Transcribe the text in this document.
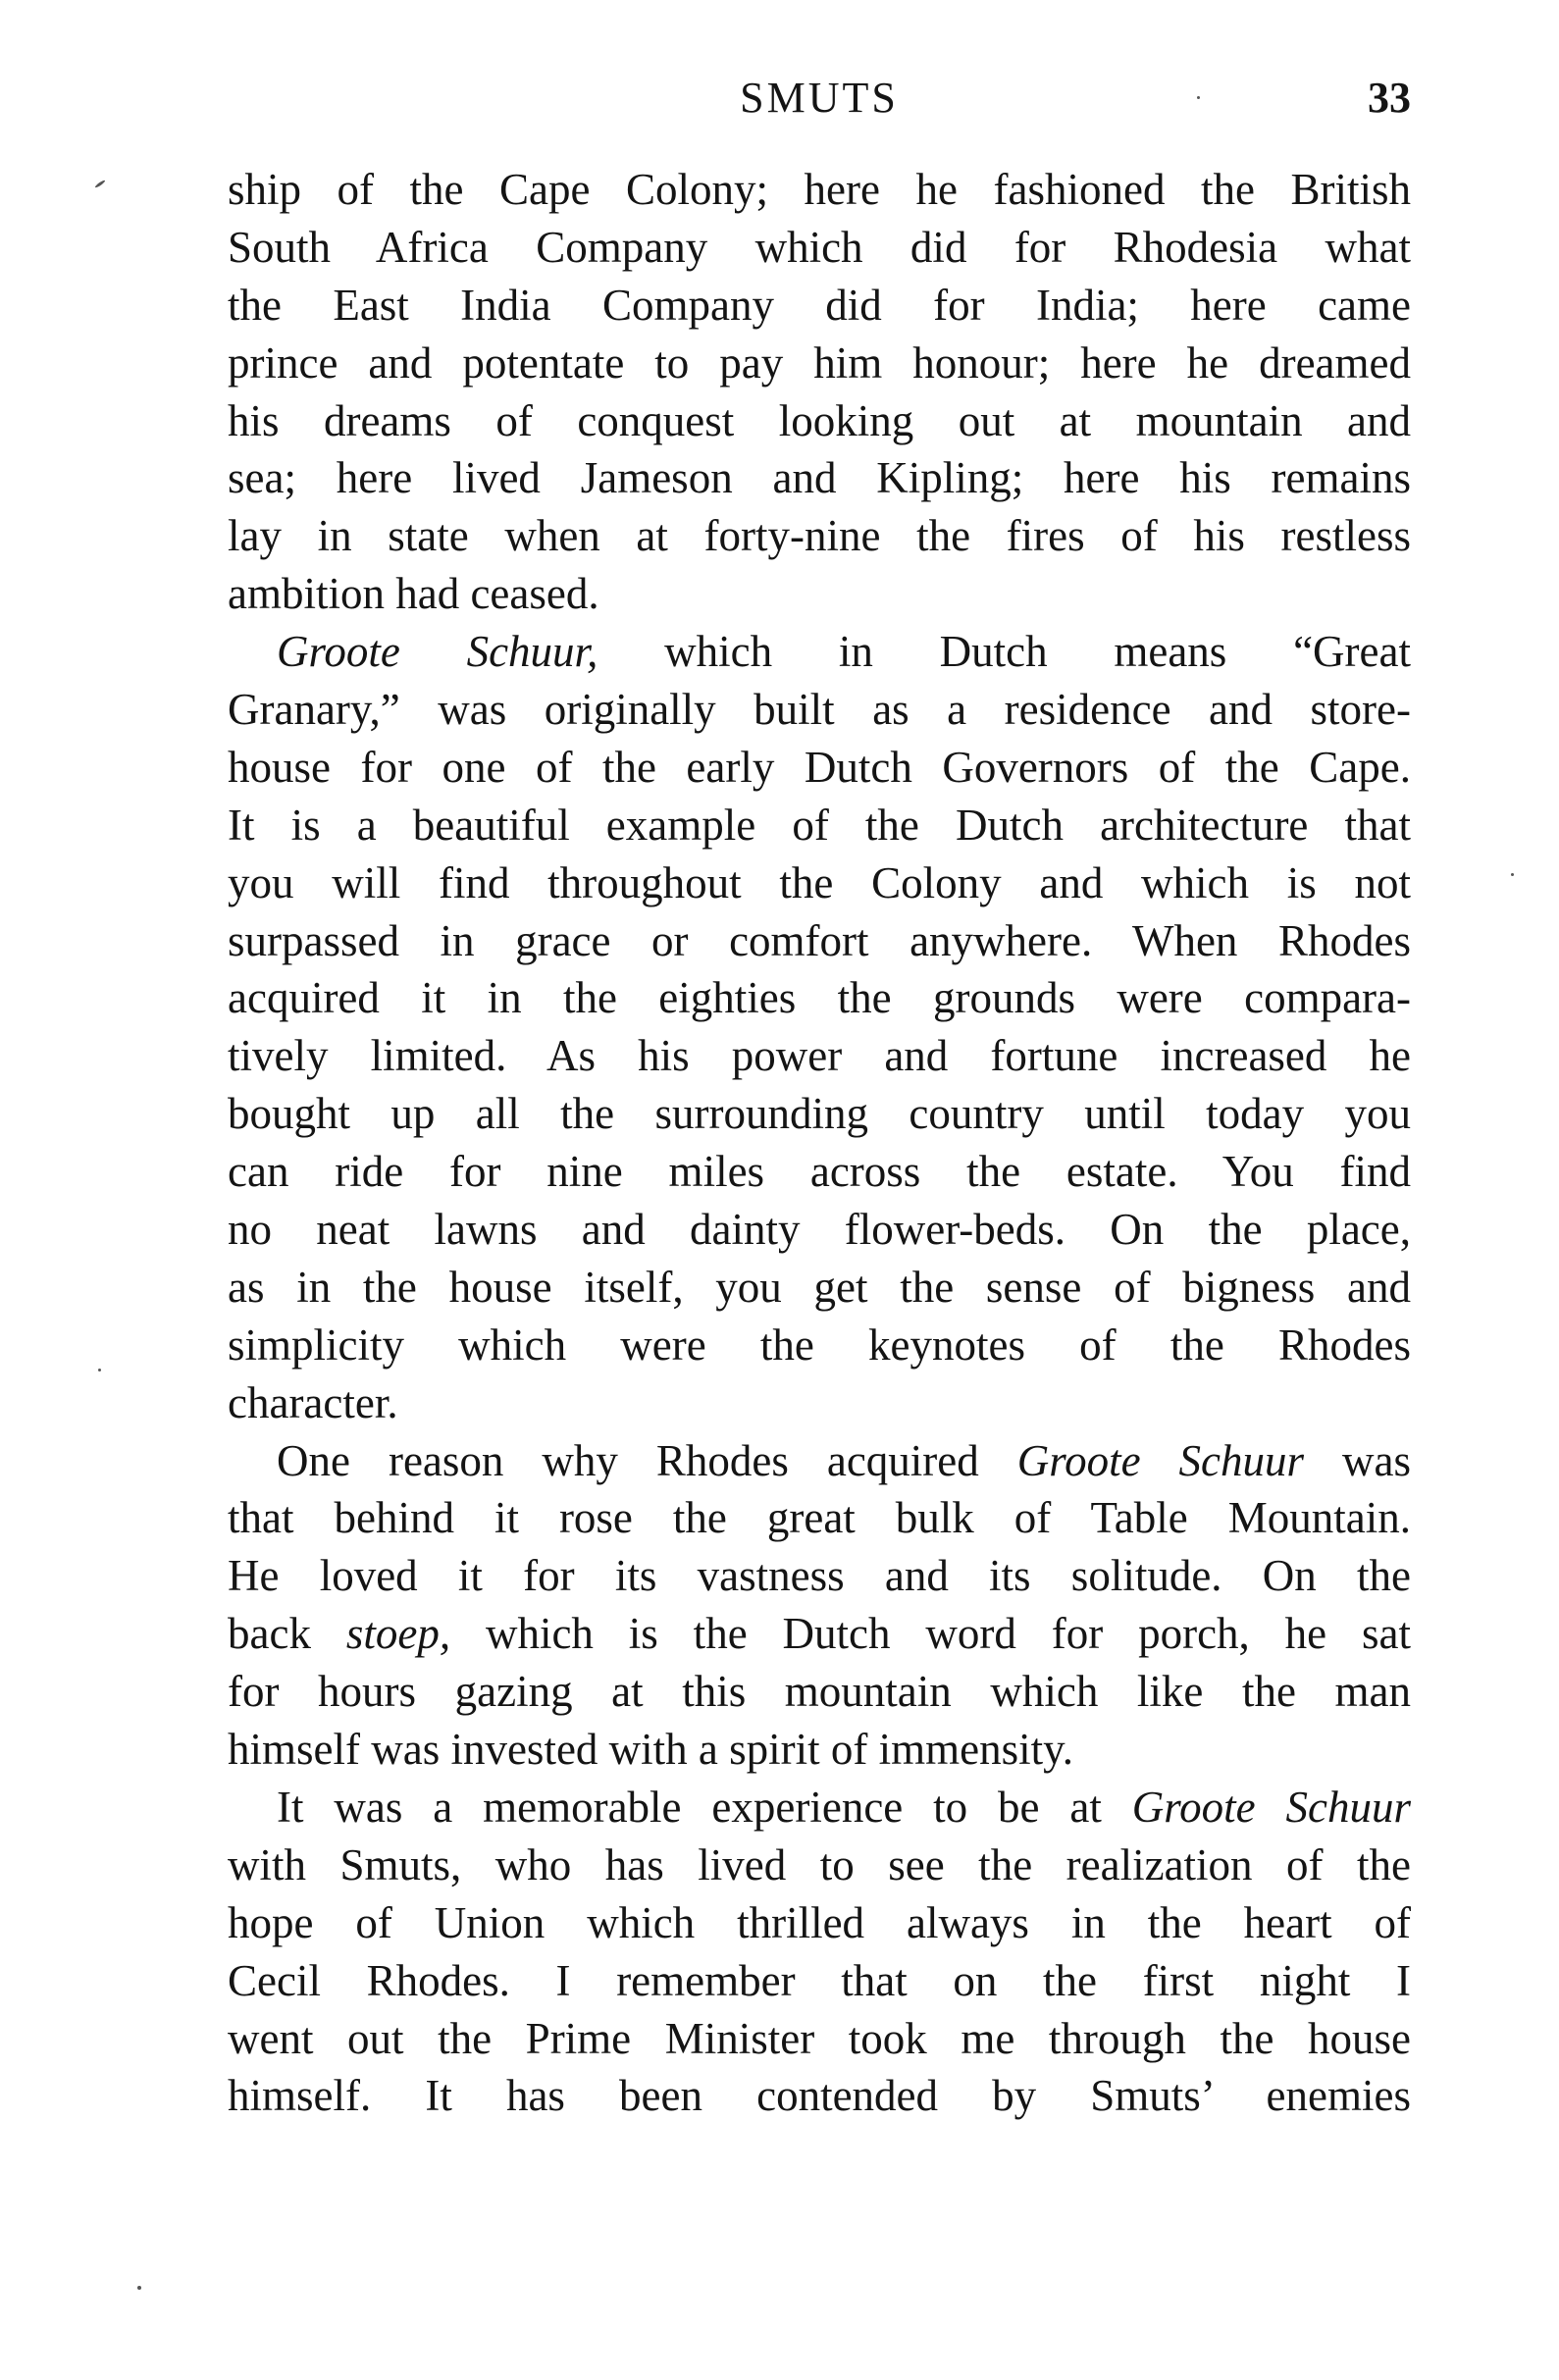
SMUTS	33
ship of the Cape Colony; here he fashioned the British
South Africa Company which did for Rhodesia what
the East India Company did for India; here came
prince and potentate to pay him honour; here he dreamed
his dreams of conquest looking out at mountain and
sea; here lived Jameson and Kipling; here his remains
lay in state when at forty-nine the fires of his restless
ambition had ceased.
Groote Schuur, which in Dutch means “Great
Granary,” was originally built as a residence and store-
house for one of the early Dutch Governors of the Cape.
It is a beautiful example of the Dutch architecture that
you will find throughout the Colony and which is not
surpassed in grace or comfort anywhere. When Rhodes
acquired it in the eighties the grounds were compara-
tively limited. As his power and fortune increased he
bought up all the surrounding country until today you
can ride for nine miles across the estate. You find
no neat lawns and dainty flower-beds. On the place,
as in the house itself, you get the sense of bigness and
simplicity which were the keynotes of the Rhodes
character.
One reason why Rhodes acquired Groote Schuur was
that behind it rose the great bulk of Table Mountain.
He loved it for its vastness and its solitude. On the
back stoep, which is the Dutch word for porch, he sat
for hours gazing at this mountain which like the man
himself was invested with a spirit of immensity.
It was a memorable experience to be at Groote Schuur
with Smuts, who has lived to see the realization of the
hope of Union which thrilled always in the heart of
Cecil Rhodes. I remember that on the first night I
went out the Prime Minister took me through the house
himself. It has been contended by Smuts’ enemies
